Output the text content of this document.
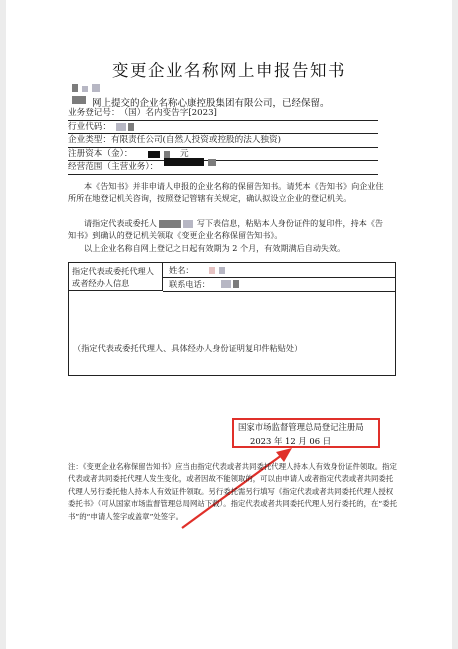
变更企业名称网上申报告知书
网上提交的企业名称心康控股集团有限公司，已经保留。
业务登记号：（国）名内变告字[2023]
行业代码：
企业类型：有限责任公司(自然人投资或控股的法人独资)
注册资本（金）：	元
经营范围（主营业务）：
本《告知书》并非申请人申报的企业名称的保留告知书。请凭本《告知书》向企业住所所在地登记机关咨询，按照登记管辖有关规定，确认拟设立企业的登记机关。
请指定代表或委托人	写下表信息，粘贴本人身份证件的复印件，持本《告知书》到确认的登记机关领取《变更企业名称保留告知书》。
以上企业名称自网上登记之日起有效期为 2 个月，有效期满后自动失效。
指定代表或委托代理人或者经办人信息
姓名：
联系电话：
（指定代表或委托代理人、具体经办人身份证明复印件粘贴处）
国家市场监督管理总局登记注册局
2023 年 12 月 06 日
注：《变更企业名称保留告知书》应当由指定代表或者共同委托代理人持本人有效身份证件领取。指定代表或者共同委托代理人发生变化，或者因故不能领取的，可以由申请人或者指定代表或者共同委托代理人另行委托他人持本人有效证件领取。另行委托需另行填写《指定代表或者共同委托代理人授权委托书》（可从国家市场监督管理总局网站下载）。指定代表或者共同委托代理人另行委托的，在“委托书”的“申请人签字或盖章”处签字。
